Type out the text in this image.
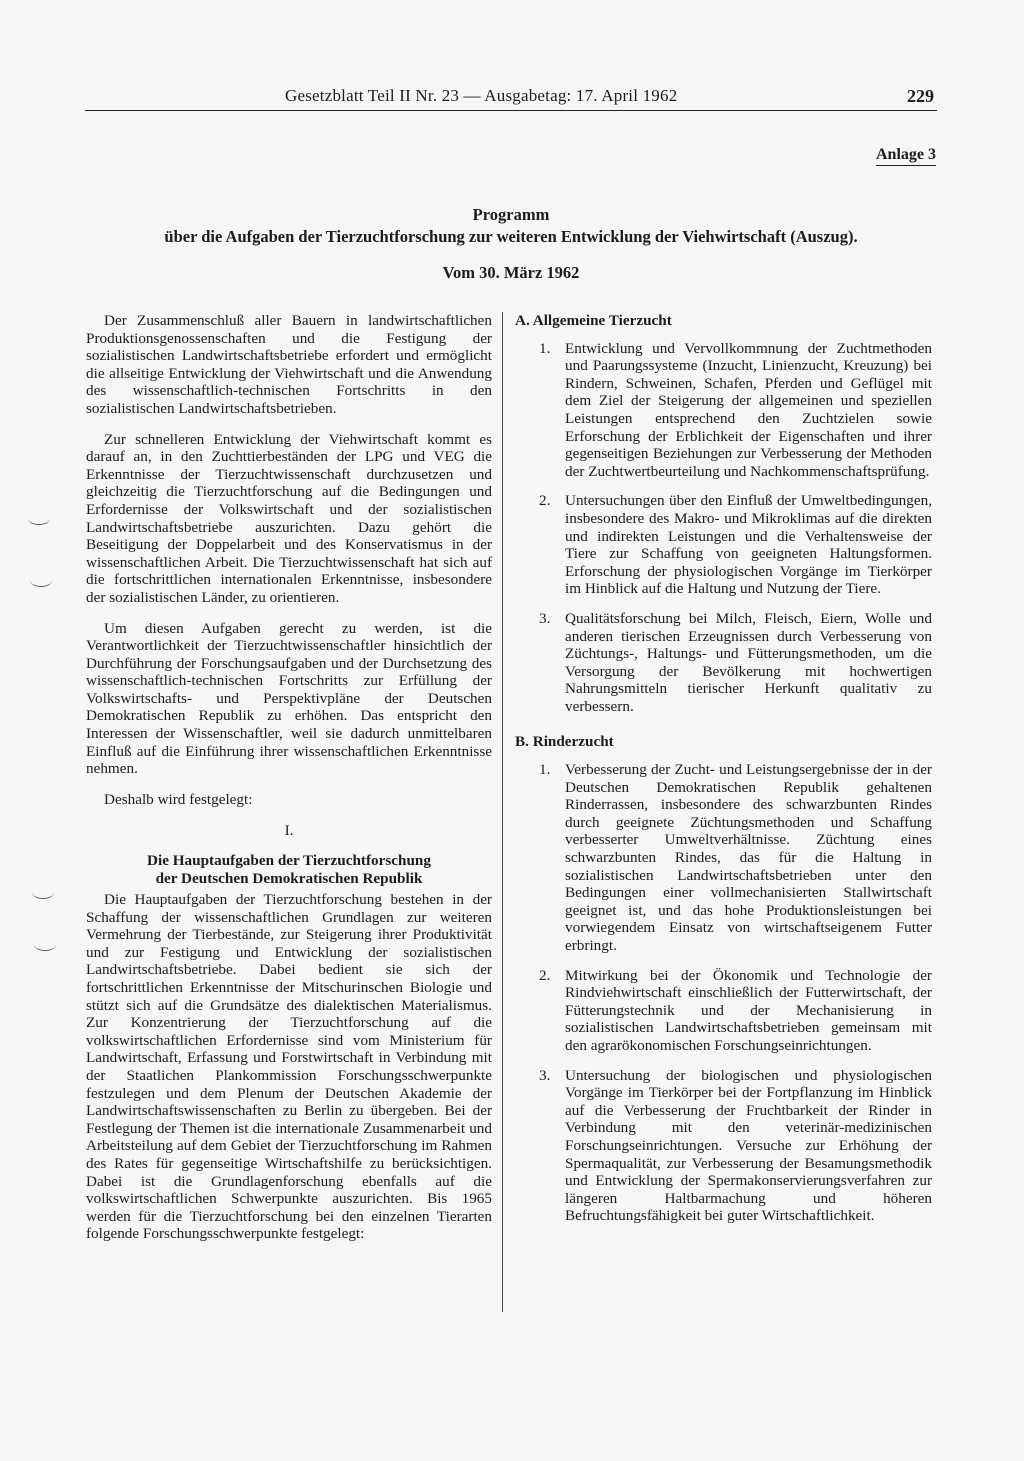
Gesetzblatt Teil II Nr. 23 — Ausgabetag: 17. April 1962	229
Anlage 3
Programm
über die Aufgaben der Tierzuchtforschung zur weiteren Entwicklung der Viehwirtschaft (Auszug).
Vom 30. März 1962

Der Zusammenschluß aller Bauern in landwirtschaftlichen Produktionsgenossenschaften und die Festigung der sozialistischen Landwirtschaftsbetriebe erfordert und ermöglicht die allseitige Entwicklung der Viehwirtschaft und die Anwendung des wissenschaftlich-technischen Fortschritts in den sozialistischen Landwirtschaftsbetrieben.

Zur schnelleren Entwicklung der Viehwirtschaft kommt es darauf an, in den Zuchttierbeständen der LPG und VEG die Erkenntnisse der Tierzuchtwissenschaft durchzusetzen und gleichzeitig die Tierzuchtforschung auf die Bedingungen und Erfordernisse der Volkswirtschaft und der sozialistischen Landwirtschaftsbetriebe auszurichten. Dazu gehört die Beseitigung der Doppelarbeit und des Konservatismus in der wissenschaftlichen Arbeit. Die Tierzuchtwissenschaft hat sich auf die fortschrittlichen internationalen Erkenntnisse, insbesondere der sozialistischen Länder, zu orientieren.

Um diesen Aufgaben gerecht zu werden, ist die Verantwortlichkeit der Tierzuchtwissenschaftler hinsichtlich der Durchführung der Forschungsaufgaben und der Durchsetzung des wissenschaftlich-technischen Fortschritts zur Erfüllung der Volkswirtschafts- und Perspektivpläne der Deutschen Demokratischen Republik zu erhöhen. Das entspricht den Interessen der Wissenschaftler, weil sie dadurch unmittelbaren Einfluß auf die Einführung ihrer wissenschaftlichen Erkenntnisse nehmen.

Deshalb wird festgelegt:

I.
Die Hauptaufgaben der Tierzuchtforschung
der Deutschen Demokratischen Republik

Die Hauptaufgaben der Tierzuchtforschung bestehen in der Schaffung der wissenschaftlichen Grundlagen zur weiteren Vermehrung der Tierbestände, zur Steigerung ihrer Produktivität und zur Festigung und Entwicklung der sozialistischen Landwirtschaftsbetriebe. Dabei bedient sie sich der fortschrittlichen Erkenntnisse der Mitschurinschen Biologie und stützt sich auf die Grundsätze des dialektischen Materialismus. Zur Konzentrierung der Tierzuchtforschung auf die volkswirtschaftlichen Erfordernisse sind vom Ministerium für Landwirtschaft, Erfassung und Forstwirtschaft in Verbindung mit der Staatlichen Plankommission Forschungsschwerpunkte festzulegen und dem Plenum der Deutschen Akademie der Landwirtschaftswissenschaften zu Berlin zu übergeben. Bei der Festlegung der Themen ist die internationale Zusammenarbeit und Arbeitsteilung auf dem Gebiet der Tierzuchtforschung im Rahmen des Rates für gegenseitige Wirtschaftshilfe zu berücksichtigen. Dabei ist die Grundlagenforschung ebenfalls auf die volkswirtschaftlichen Schwerpunkte auszurichten. Bis 1965 werden für die Tierzuchtforschung bei den einzelnen Tierarten folgende Forschungsschwerpunkte festgelegt:

A. Allgemeine Tierzucht
1. Entwicklung und Vervollkommnung der Zuchtmethoden und Paarungssysteme (Inzucht, Linienzucht, Kreuzung) bei Rindern, Schweinen, Schafen, Pferden und Geflügel mit dem Ziel der Steigerung der allgemeinen und speziellen Leistungen entsprechend den Zuchtzielen sowie Erforschung der Erblichkeit der Eigenschaften und ihrer gegenseitigen Beziehungen zur Verbesserung der Methoden der Zuchtwertbeurteilung und Nachkommenschaftsprüfung.
2. Untersuchungen über den Einfluß der Umweltbedingungen, insbesondere des Makro- und Mikroklimas auf die direkten und indirekten Leistungen und die Verhaltensweise der Tiere zur Schaffung von geeigneten Haltungsformen. Erforschung der physiologischen Vorgänge im Tierkörper im Hinblick auf die Haltung und Nutzung der Tiere.
3. Qualitätsforschung bei Milch, Fleisch, Eiern, Wolle und anderen tierischen Erzeugnissen durch Verbesserung von Züchtungs-, Haltungs- und Fütterungsmethoden, um die Versorgung der Bevölkerung mit hochwertigen Nahrungsmitteln tierischer Herkunft qualitativ zu verbessern.
B. Rinderzucht
1. Verbesserung der Zucht- und Leistungsergebnisse der in der Deutschen Demokratischen Republik gehaltenen Rinderrassen, insbesondere des schwarzbunten Rindes durch geeignete Züchtungsmethoden und Schaffung verbesserter Umweltverhältnisse. Züchtung eines schwarzbunten Rindes, das für die Haltung in sozialistischen Landwirtschaftsbetrieben unter den Bedingungen einer vollmechanisierten Stallwirtschaft geeignet ist, und das hohe Produktionsleistungen bei vorwiegendem Einsatz von wirtschaftseigenem Futter erbringt.
2. Mitwirkung bei der Ökonomik und Technologie der Rindviehwirtschaft einschließlich der Futterwirtschaft, der Fütterungstechnik und der Mechanisierung in sozialistischen Landwirtschaftsbetrieben gemeinsam mit den agrarökonomischen Forschungseinrichtungen.
3. Untersuchung der biologischen und physiologischen Vorgänge im Tierkörper bei der Fortpflanzung im Hinblick auf die Verbesserung der Fruchtbarkeit der Rinder in Verbindung mit den veterinär-medizinischen Forschungseinrichtungen. Versuche zur Erhöhung der Spermaqualität, zur Verbesserung der Besamungsmethodik und Entwicklung der Spermakonservierungsverfahren zur längeren Haltbarmachung und höheren Befruchtungsfähigkeit bei guter Wirtschaftlichkeit.
